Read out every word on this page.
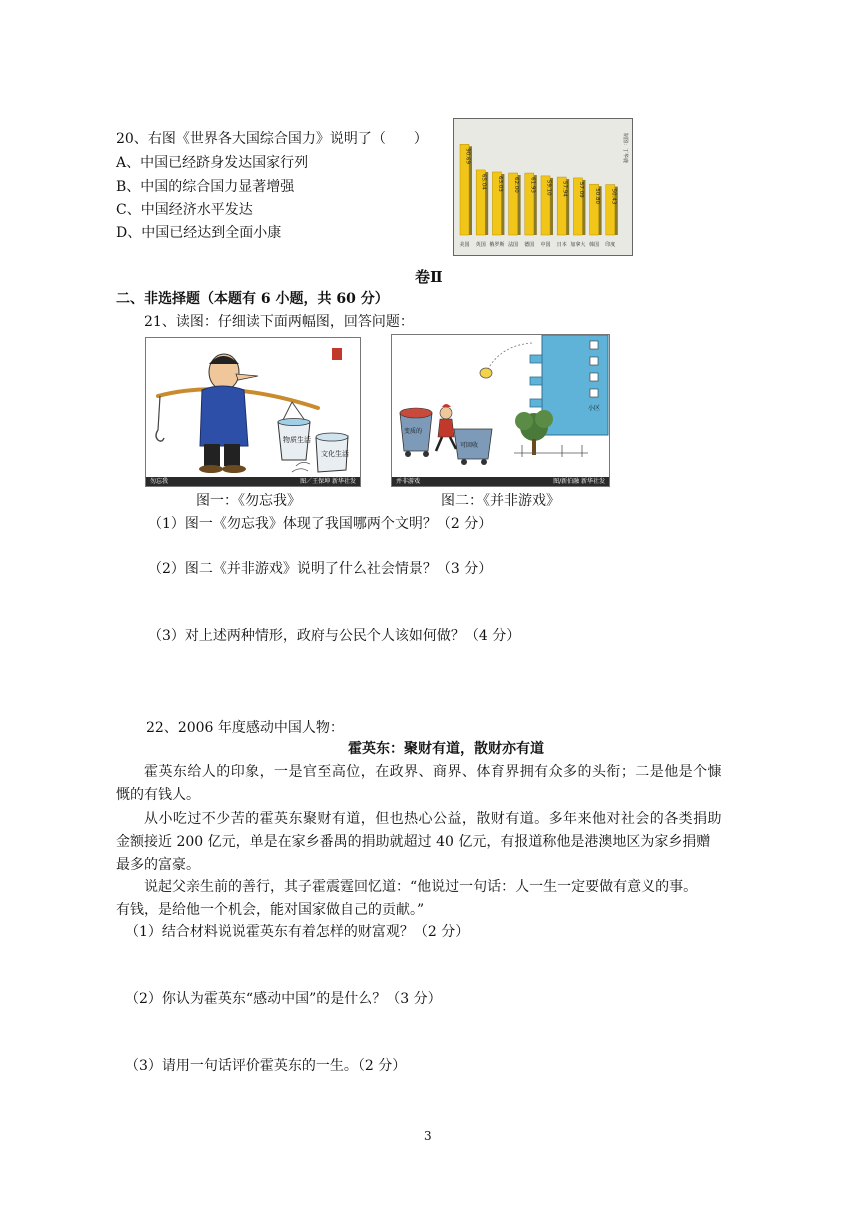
20、右图《世界各大国综合国力》说明了（　　）
A、中国已经跻身发达国家行列
B、中国的综合国力显著增强
C、中国经济水平发达
D、中国已经达到全面小康
90.69
美国
65.04
英国
63.03
俄罗斯
62.00
法国
61.93
德国
59.10
中国
57.94
日本
57.09
加拿大
50.80
韩国
50.43
印度
制图：丁华鹿
卷Ⅱ
二、非选择题（本题有 6 小题，共 60 分）
21、读图：仔细读下面两幅图，回答问题：
物质生活
文化生活
勿忘我	图／王保坤 新华社发
变质的
可回收
小区
并非游戏	图/新伯融 新华社发
图一：《勿忘我》	图二：《并非游戏》
（1）图一《勿忘我》体现了我国哪两个文明？（2 分）
（2）图二《并非游戏》说明了什么社会情景？（3 分）
（3）对上述两种情形，政府与公民个人该如何做？（4 分）
22、2006 年度感动中国人物：
霍英东：聚财有道，散财亦有道
霍英东给人的印象，一是官至高位，在政界、商界、体育界拥有众多的头衔；二是他是个慷
慨的有钱人。
从小吃过不少苦的霍英东聚财有道，但也热心公益，散财有道。多年来他对社会的各类捐助
金额接近 200 亿元，单是在家乡番禺的捐助就超过 40 亿元，有报道称他是港澳地区为家乡捐赠
最多的富豪。
说起父亲生前的善行，其子霍震霆回忆道：“他说过一句话：人一生一定要做有意义的事。
有钱，是给他一个机会，能对国家做自己的贡献。”
（1）结合材料说说霍英东有着怎样的财富观？（2 分）
（2）你认为霍英东“感动中国”的是什么？（3 分）
（3）请用一句话评价霍英东的一生。（2 分）
3
